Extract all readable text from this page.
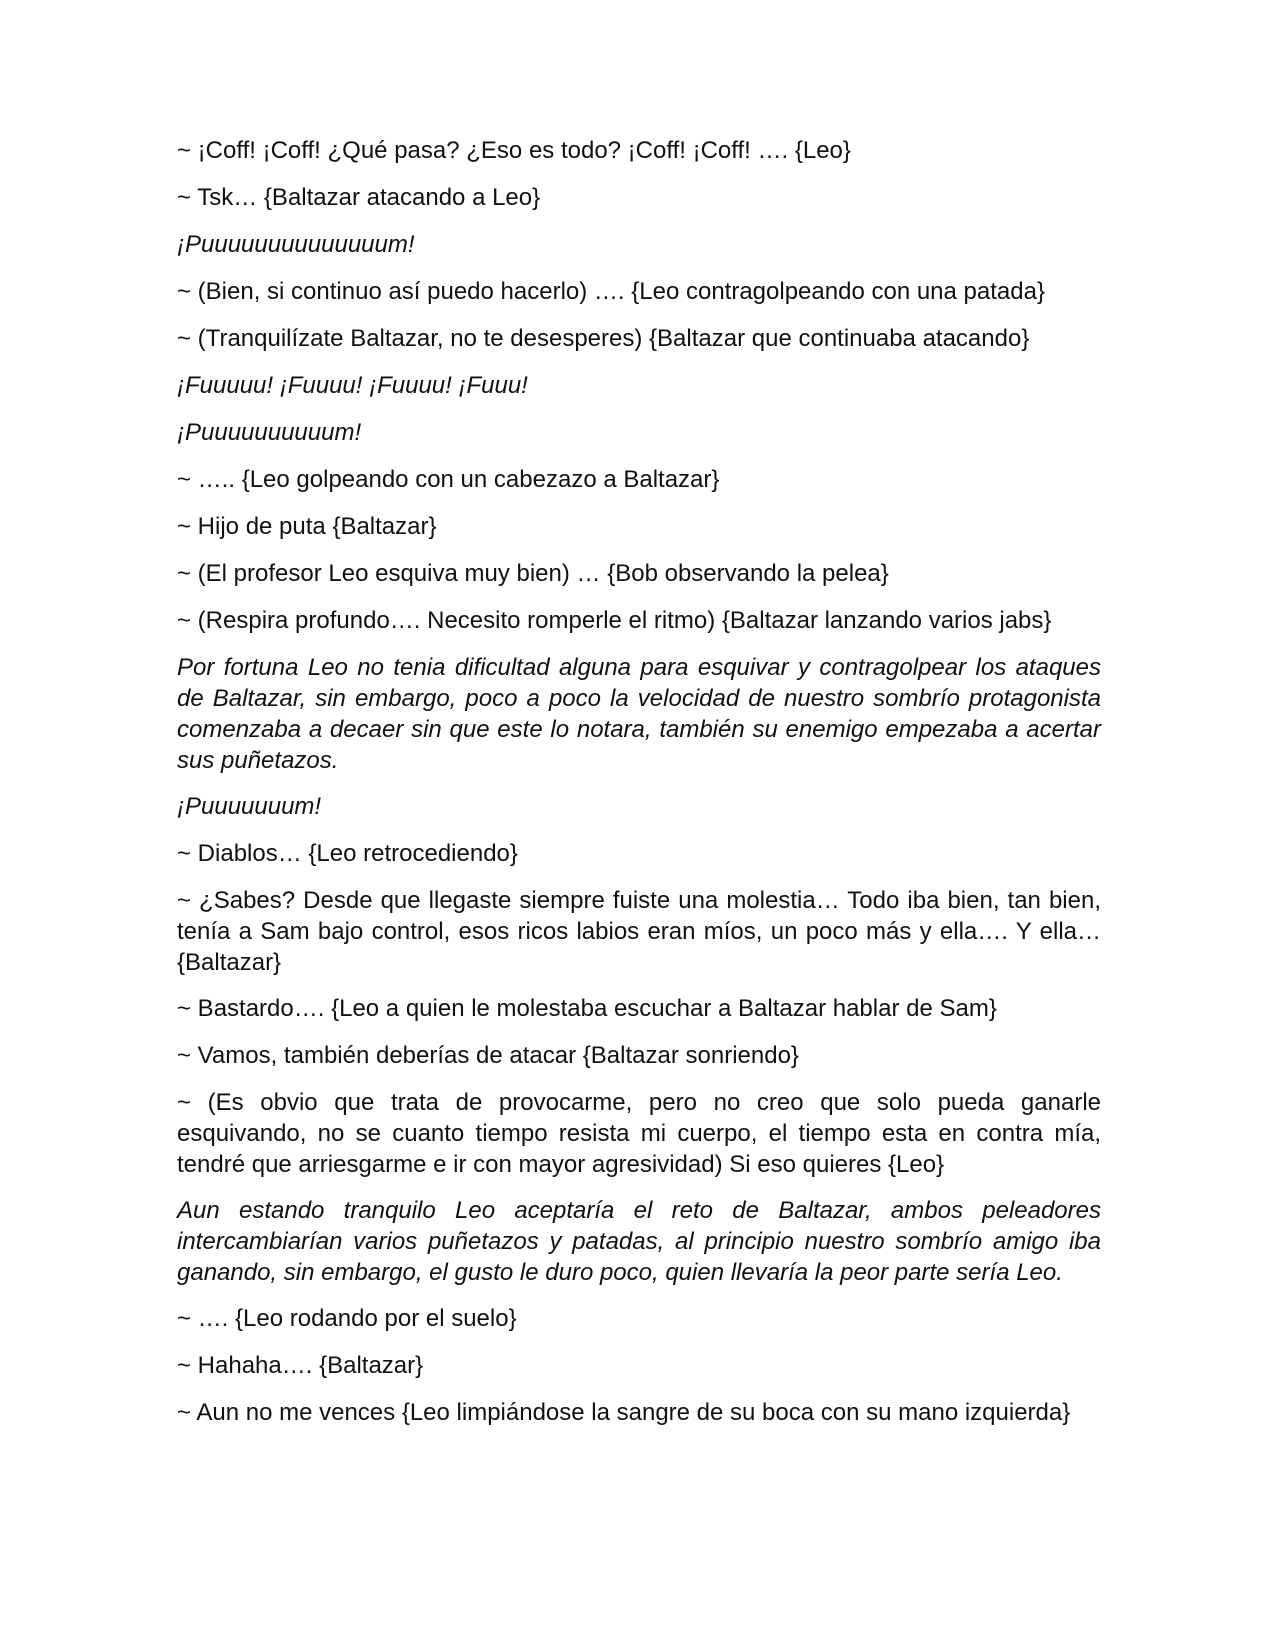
~ ¡Coff! ¡Coff! ¿Qué pasa? ¿Eso es todo? ¡Coff! ¡Coff! …. {Leo}

~ Tsk… {Baltazar atacando a Leo}

¡Puuuuuuuuuuuuuum!

~ (Bien, si continuo así puedo hacerlo) …. {Leo contragolpeando con una patada}

~ (Tranquilízate Baltazar, no te desesperes) {Baltazar que continuaba atacando}

¡Fuuuuu! ¡Fuuuu! ¡Fuuuu! ¡Fuuu!

¡Puuuuuuuuuum!

~ ….. {Leo golpeando con un cabezazo a Baltazar}

~ Hijo de puta {Baltazar}

~ (El profesor Leo esquiva muy bien) … {Bob observando la pelea}

~ (Respira profundo…. Necesito romperle el ritmo) {Baltazar lanzando varios jabs}

Por fortuna Leo no tenia dificultad alguna para esquivar y contragolpear los ataques de Baltazar, sin embargo, poco a poco la velocidad de nuestro sombrío protagonista comenzaba a decaer sin que este lo notara, también su enemigo empezaba a acertar sus puñetazos.

¡Puuuuuuum!

~ Diablos… {Leo retrocediendo}

~ ¿Sabes? Desde que llegaste siempre fuiste una molestia… Todo iba bien, tan bien, tenía a Sam bajo control, esos ricos labios eran míos, un poco más y ella…. Y ella… {Baltazar}

~ Bastardo…. {Leo a quien le molestaba escuchar a Baltazar hablar de Sam}

~ Vamos, también deberías de atacar {Baltazar sonriendo}

~ (Es obvio que trata de provocarme, pero no creo que solo pueda ganarle esquivando, no se cuanto tiempo resista mi cuerpo, el tiempo esta en contra mía, tendré que arriesgarme e ir con mayor agresividad) Si eso quieres {Leo}

Aun estando tranquilo Leo aceptaría el reto de Baltazar, ambos peleadores intercambiarían varios puñetazos y patadas, al principio nuestro sombrío amigo iba ganando, sin embargo, el gusto le duro poco, quien llevaría la peor parte sería Leo.

~ …. {Leo rodando por el suelo}

~ Hahaha…. {Baltazar}

~ Aun no me vences {Leo limpiándose la sangre de su boca con su mano izquierda}
